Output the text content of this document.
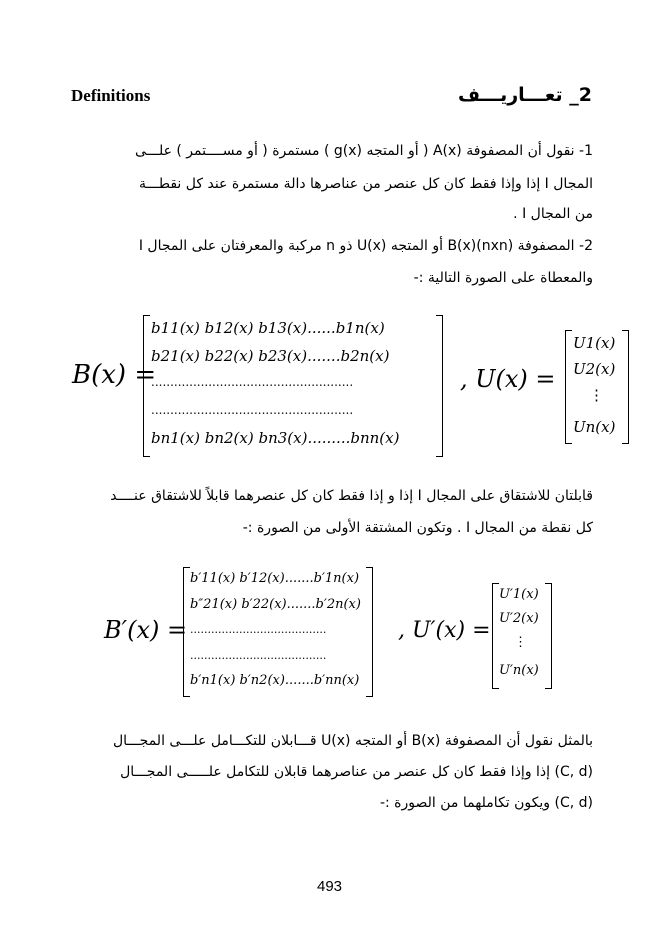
Definitions	2_ تعـــاريـــف
1- نقول أن المصفوفة A(x) ( أو المتجه g(x) ) مستمرة ( أو مســــتمر ) علـــى
المجال I إذا وإذا فقط كان كل عنصر من عناصرها دالة مستمرة عند كل نقطـــة
من المجال I .
2- المصفوفة B(x)(nxn) أو المتجه U(x) ذو n مركبة والمعرفتان على المجال I
والمعطاة على الصورة التالية :-
B(x) =
b11(x) b12(x) b13(x)......b1n(x)
b21(x) b22(x) b23(x).......b2n(x)
.....................................................
.....................................................
bn1(x) bn2(x) bn3(x).........bnn(x)
, U(x) =
U1(x)
U2(x)
⋮
Un(x)
قابلتان للاشتقاق على المجال I إذا و إذا فقط كان كل عنصرهما قابلاً للاشتقاق عنــــد
كل نقطة من المجال I . وتكون المشتقة الأولى من الصورة :-
B′(x) =
b′11(x) b′12(x).......b′1n(x)
b″21(x) b′22(x).......b′2n(x)
.......................................
.......................................
b′n1(x) b′n2(x).......b′nn(x)
, U′(x) =
U′1(x)
U′2(x)
⋮
U′n(x)
بالمثل نقول أن المصفوفة B(x) أو المتجه U(x) قـــابلان للتكـــامل علـــى المجـــال
(C, d) إذا وإذا فقط كان كل عنصر من عناصرهما قابلان للتكامل علـــــى المجـــال
(C, d) ويكون تكاملهما من الصورة :-
493
